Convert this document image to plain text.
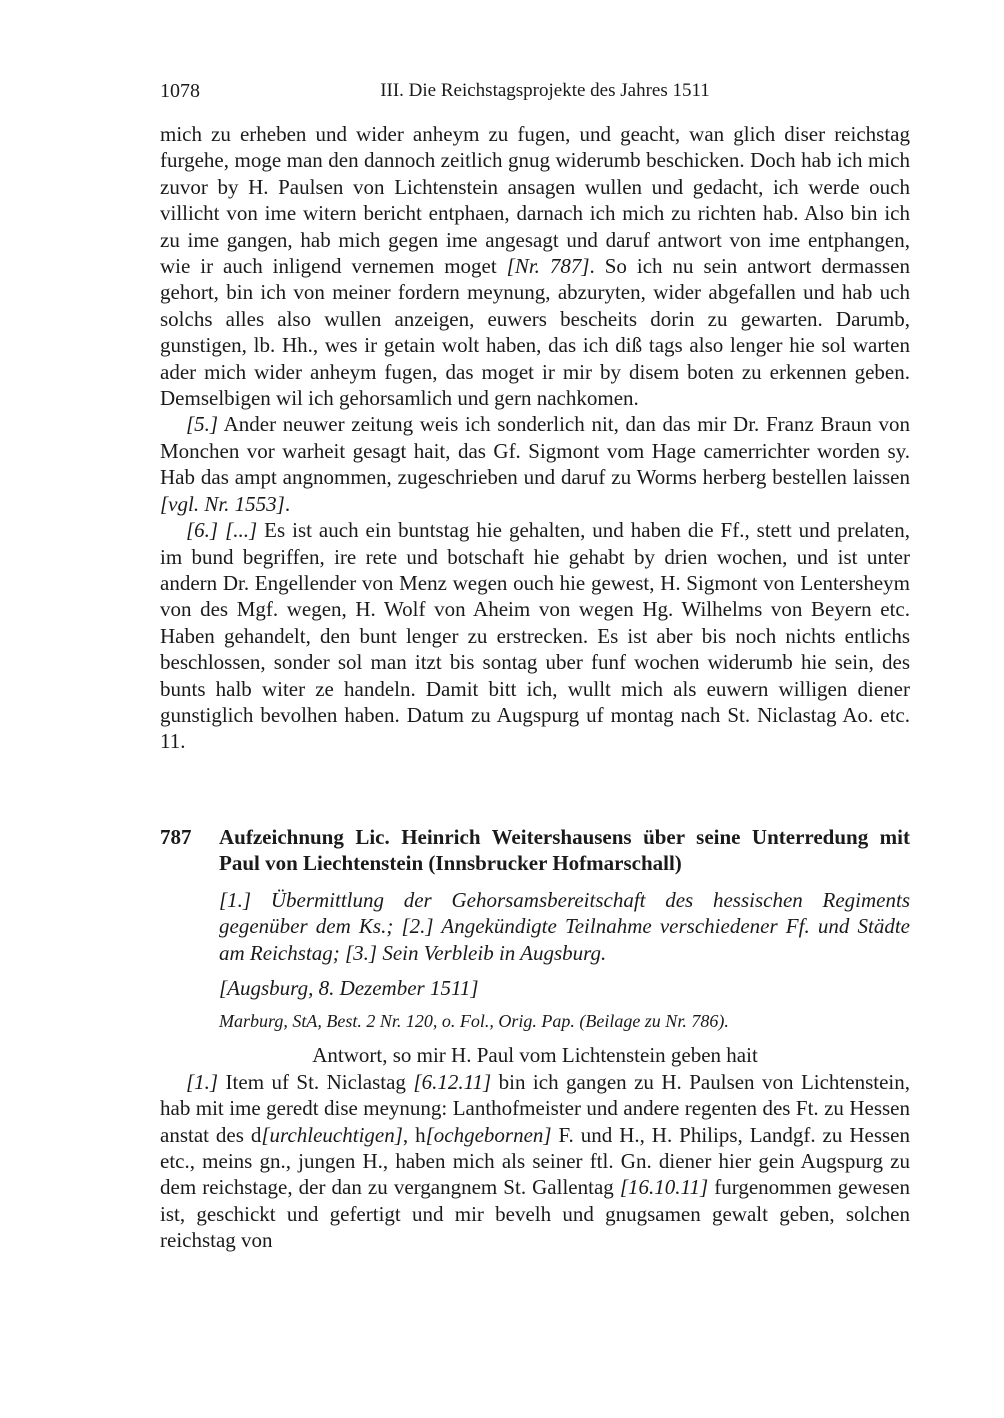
1078	III. Die Reichstagsprojekte des Jahres 1511

mich zu erheben und wider anheym zu fugen, und geacht, wan glich diser reichstag furgehe, moge man den dannoch zeitlich gnug widerumb beschicken. Doch hab ich mich zuvor by H. Paulsen von Lichtenstein ansagen wullen und gedacht, ich werde ouch villicht von ime witern bericht entphaen, darnach ich mich zu richten hab. Also bin ich zu ime gangen, hab mich gegen ime angesagt und daruf antwort von ime entphangen, wie ir auch inligend vernemen moget [Nr. 787]. So ich nu sein antwort dermassen gehort, bin ich von meiner fordern meynung, abzuryten, wider abgefallen und hab uch solchs alles also wullen anzeigen, euwers bescheits dorin zu gewarten. Darumb, gunstigen, lb. Hh., wes ir getain wolt haben, das ich diß tags also lenger hie sol warten ader mich wider anheym fugen, das moget ir mir by disem boten zu erkennen geben. Demselbigen wil ich gehorsamlich und gern nachkomen.

[5.] Ander neuwer zeitung weis ich sonderlich nit, dan das mir Dr. Franz Braun von Monchen vor warheit gesagt hait, das Gf. Sigmont vom Hage camerrichter worden sy. Hab das ampt angnommen, zugeschrieben und daruf zu Worms herberg bestellen laissen [vgl. Nr. 1553].

[6.] [...] Es ist auch ein buntstag hie gehalten, und haben die Ff., stett und prelaten, im bund begriffen, ire rete und botschaft hie gehabt by drien wochen, und ist unter andern Dr. Engellender von Menz wegen ouch hie gewest, H. Sigmont von Lentersheym von des Mgf. wegen, H. Wolf von Aheim von wegen Hg. Wilhelms von Beyern etc. Haben gehandelt, den bunt lenger zu erstrecken. Es ist aber bis noch nichts entlichs beschlossen, sonder sol man itzt bis sontag uber funf wochen widerumb hie sein, des bunts halb witer ze handeln. Damit bitt ich, wullt mich als euwern willigen diener gunstiglich bevolhen haben. Datum zu Augspurg uf montag nach St. Niclastag Ao. etc. 11.

787 Aufzeichnung Lic. Heinrich Weitershausens über seine Unterredung mit Paul von Liechtenstein (Innsbrucker Hofmarschall)

[1.] Übermittlung der Gehorsamsbereitschaft des hessischen Regiments gegenüber dem Ks.; [2.] Angekündigte Teilnahme verschiedener Ff. und Städte am Reichstag; [3.] Sein Verbleib in Augsburg.

[Augsburg, 8. Dezember 1511]

Marburg, StA, Best. 2 Nr. 120, o. Fol., Orig. Pap. (Beilage zu Nr. 786).

Antwort, so mir H. Paul vom Lichtenstein geben hait

[1.] Item uf St. Niclastag [6.12.11] bin ich gangen zu H. Paulsen von Lichtenstein, hab mit ime geredt dise meynung: Lanthofmeister und andere regenten des Ft. zu Hessen anstat des d[urchleuchtigen], h[ochgebornen] F. und H., H. Philips, Landgf. zu Hessen etc., meins gn., jungen H., haben mich als seiner ftl. Gn. diener hier gein Augspurg zu dem reichstage, der dan zu vergangnem St. Gallentag [16.10.11] furgenommen gewesen ist, geschickt und gefertigt und mir bevelh und gnugsamen gewalt geben, solchen reichstag von
